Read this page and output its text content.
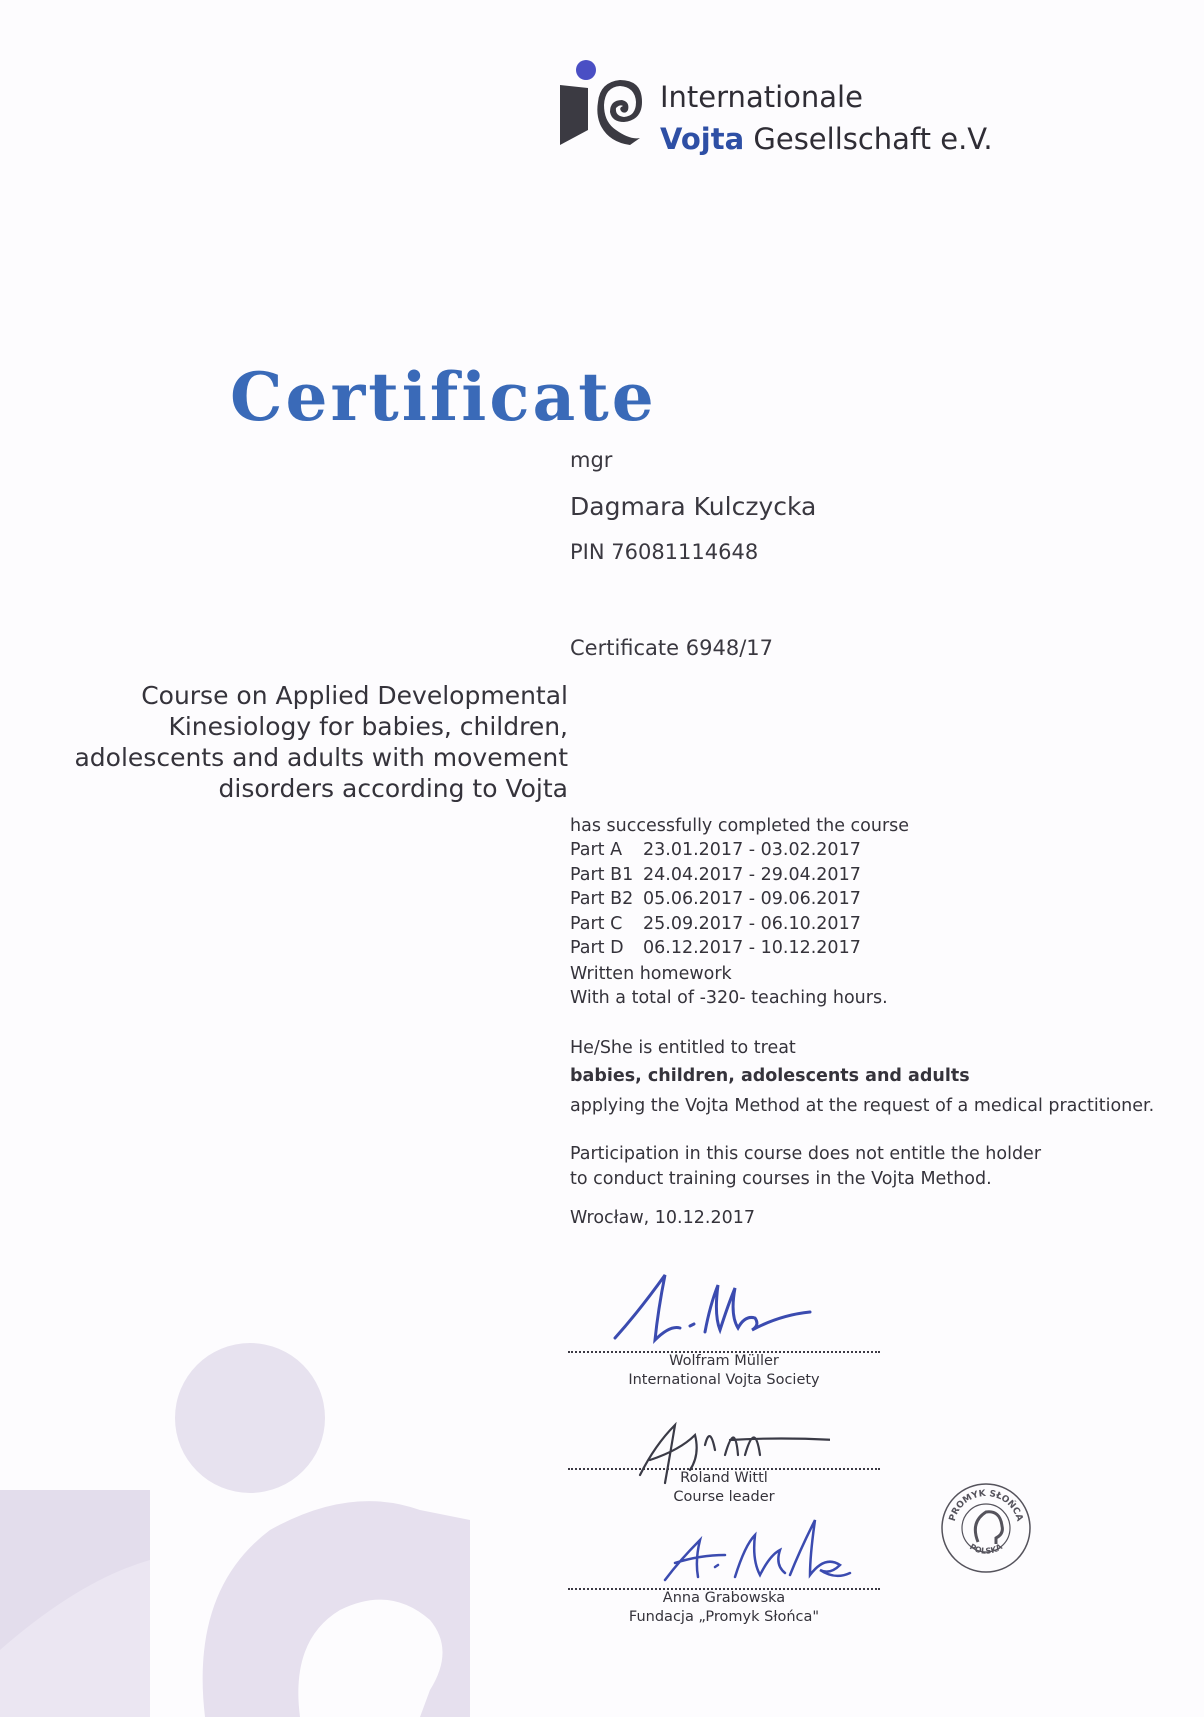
Internationale
Vojta Gesellschaft e.V.
Certificate
mgr
Dagmara Kulczycka
PIN 76081114648
Certificate 6948/17
Course on Applied Developmental
Kinesiology for babies, children,
adolescents and adults with movement
disorders according to Vojta
has successfully completed the course
Part A	23.01.2017 - 03.02.2017
Part B1 24.04.2017 - 29.04.2017
Part B2 05.06.2017 - 09.06.2017
Part C	25.09.2017 - 06.10.2017
Part D	06.12.2017 - 10.12.2017
Written homework
With a total of -320- teaching hours.
He/She is entitled to treat
babies, children, adolescents and adults
applying the Vojta Method at the request of a medical practitioner.
Participation in this course does not entitle the holder
to conduct training courses in the Vojta Method.
Wrocław, 10.12.2017
Wolfram Müller
International Vojta Society
Roland Wittl
Course leader
Anna Grabowska
Fundacja „Promyk Słońca"
PROMYK SŁOŃCA
POLSKA
